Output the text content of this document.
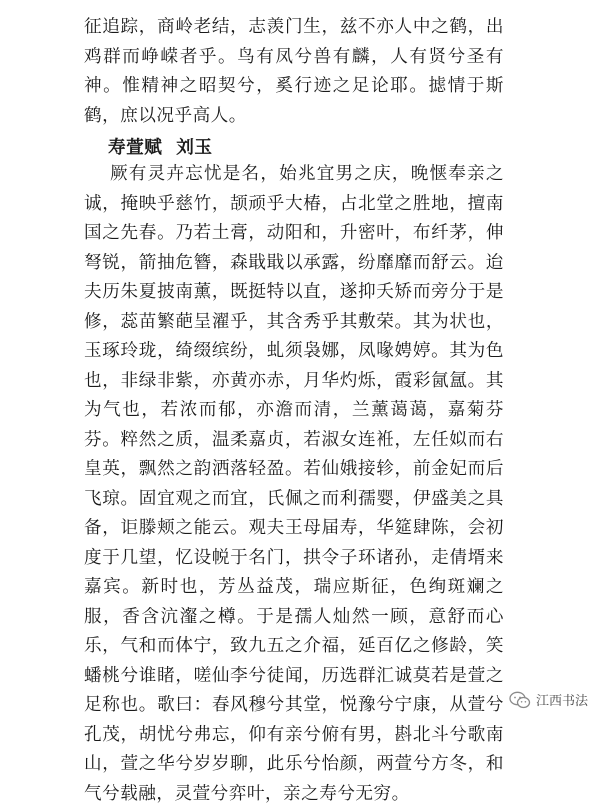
征追踪，商岭老结，志羡门生，兹不亦人中之鹤，出鸡群而峥嵘者乎。鸟有凤兮兽有麟，人有贤兮圣有神。惟精神之昭契兮，奚行迹之足论耶。摅情于斯鹤，庶以况乎高人。

寿萱赋 刘玉

厥有灵卉忘忧是名，始兆宜男之庆，晚惬奉亲之诚，掩映乎慈竹，颉顽乎大椿，占北堂之胜地，擅南国之先春。乃若土膏，动阳和，升密叶，布纤茅，伸弩锐，箭抽危簪，森戢戢以承露，纷靡靡而舒云。迨夫历朱夏披南薰，既挺特以直，遂抑夭矫而旁分于是修，蕊苗繁葩呈濯乎，其含秀乎其敷荣。其为状也，玉琢玲珑，绮缀缤纷，虬须袅娜，凤喙娉婷。其为色也，非绿非紫，亦黄亦赤，月华灼烁，霞彩氤氲。其为气也，若浓而郁，亦澹而清，兰薰蔼蔼，嘉菊芬芬。粹然之质，温柔嘉贞，若淑女连袵，左任姒而右皇英，飘然之韵洒落轻盈。若仙娥接轸，前金妃而后飞琼。固宜观之而宜，氏佩之而利孺婴，伊盛美之具备，讵滕颊之能云。观夫王母届寿，华筵肆陈，会初度于几望，忆设帨于名门，拱令子环诸孙，走倩壻来嘉宾。新时也，芳丛益茂，瑞应斯征，色绚斑斓之服，香含沆瀣之樽。于是孺人灿然一顾，意舒而心乐，气和而体宁，致九五之介福，延百亿之修龄，笑蟠桃兮谁睹，嗟仙李兮徒闻，历选群汇诚莫若是萱之足称也。歌曰：春风穆兮其堂，悦豫兮宁康，从萱兮孔茂，胡忧兮弗忘，仰有亲兮俯有男，斟北斗兮歌南山，萱之华兮岁岁聊，此乐兮怡颜，两萱兮方冬，和气兮载融，灵萱兮弈叶，亲之寿兮无穷。

江西书法
